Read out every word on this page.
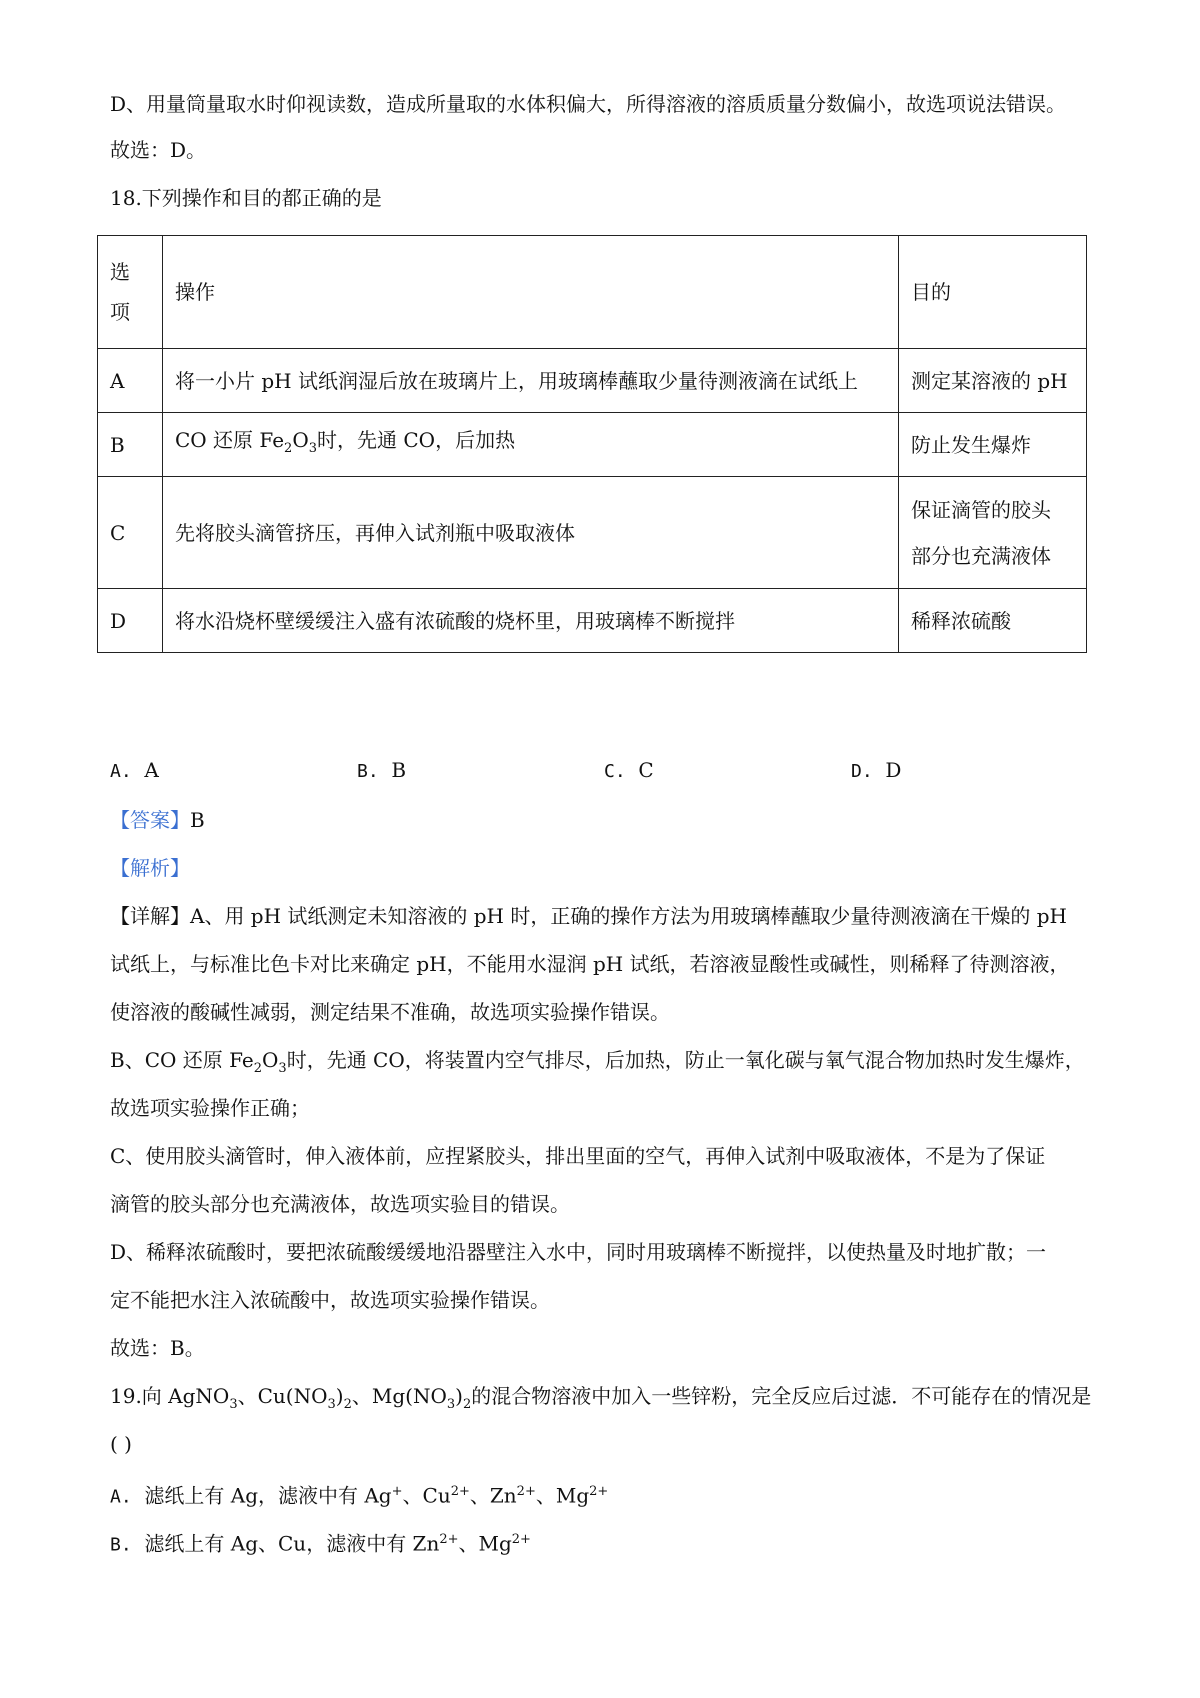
D、用量筒量取水时仰视读数，造成所量取的水体积偏大，所得溶液的溶质质量分数偏小，故选项说法错误。
故选：D。
18.下列操作和目的都正确的是
选
项	操作	目的
A	将一小片 pH 试纸润湿后放在玻璃片上，用玻璃棒蘸取少量待测液滴在试纸上	测定某溶液的 pH
B	CO 还原 $Fe_2O_3$时，先通 CO，后加热	防止发生爆炸
C	先将胶头滴管挤压，再伸入试剂瓶中吸取液体	保证滴管的胶头
部分也充满液体
D	将水沿烧杯壁缓缓注入盛有浓硫酸的烧杯里，用玻璃棒不断搅拌	稀释浓硫酸
A. A	B. B	C. C	D. D
【答案】B
【解析】
【详解】A、用 pH 试纸测定未知溶液的 pH 时，正确的操作方法为用玻璃棒蘸取少量待测液滴在干燥的 pH
试纸上，与标准比色卡对比来确定 pH，不能用水湿润 pH 试纸，若溶液显酸性或碱性，则稀释了待测溶液，
使溶液的酸碱性减弱，测定结果不准确，故选项实验操作错误。
B、CO 还原 $Fe_2O_3$时，先通 CO，将装置内空气排尽，后加热，防止一氧化碳与氧气混合物加热时发生爆炸，
故选项实验操作正确；
C、使用胶头滴管时，伸入液体前，应捏紧胶头，排出里面的空气，再伸入试剂中吸取液体，不是为了保证
滴管的胶头部分也充满液体，故选项实验目的错误。
D、稀释浓硫酸时，要把浓硫酸缓缓地沿器壁注入水中，同时用玻璃棒不断搅拌，以使热量及时地扩散；一
定不能把水注入浓硫酸中，故选项实验操作错误。
故选：B。
19.向 AgNO$_3$、$Cu(NO_3)_2$、$Mg(NO_3)_2$的混合物溶液中加入一些锌粉，完全反应后过滤．不可能存在的情况是
( )
A. 滤纸上有 Ag，滤液中有 Ag+、$Cu^{2+}$、$Zn^{2+}$、$Mg^{2+}$
B. 滤纸上有 Ag、Cu，滤液中有 $Zn^{2+}$、$Mg^{2+}$
